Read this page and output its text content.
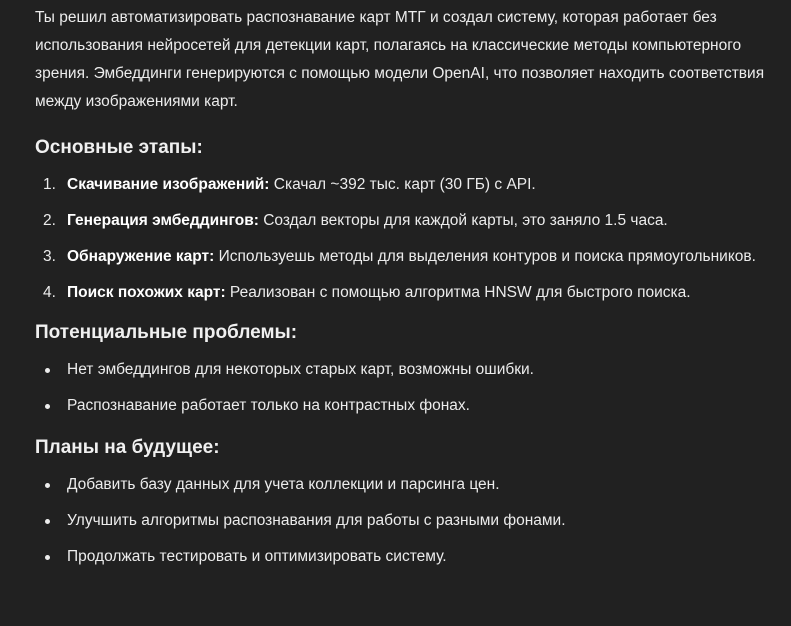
Ты решил автоматизировать распознавание карт МТГ и создал систему, которая работает без использования нейросетей для детекции карт, полагаясь на классические методы компьютерного зрения. Эмбеддинги генерируются с помощью модели OpenAI, что позволяет находить соответствия между изображениями карт.

Основные этапы:
1. Скачивание изображений: Скачал ~392 тыс. карт (30 ГБ) с API.
2. Генерация эмбеддингов: Создал векторы для каждой карты, это заняло 1.5 часа.
3. Обнаружение карт: Используешь методы для выделения контуров и поиска прямоугольников.
4. Поиск похожих карт: Реализован с помощью алгоритма HNSW для быстрого поиска.
Потенциальные проблемы:
Нет эмбеддингов для некоторых старых карт, возможны ошибки.
Распознавание работает только на контрастных фонах.
Планы на будущее:
Добавить базу данных для учета коллекции и парсинга цен.
Улучшить алгоритмы распознавания для работы с разными фонами.
Продолжать тестировать и оптимизировать систему.
